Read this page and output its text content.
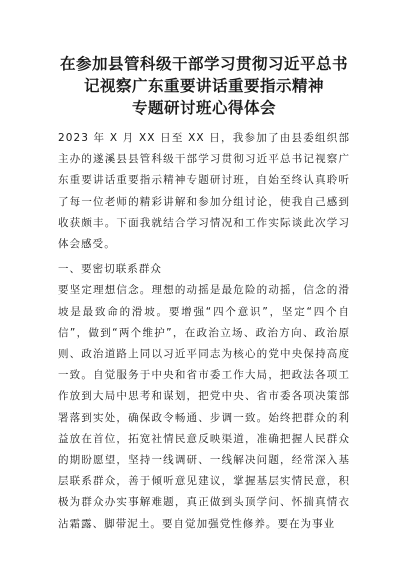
在参加县管科级干部学习贯彻习近平总书
记视察广东重要讲话重要指示精神
专题研讨班心得体会

2023 年 X 月 XX 日至 XX 日，我参加了由县委组织部主办的遂溪县县管科级干部学习贯彻习近平总书记视察广东重要讲话重要指示精神专题研讨班，自始至终认真聆听了每一位老师的精彩讲解和参加分组讨论，使我自己感到收获颇丰。下面我就结合学习情况和工作实际谈此次学习体会感受。

一、要密切联系群众

要坚定理想信念。理想的动摇是最危险的动摇，信念的滑坡是最致命的滑坡。要增强“四个意识”，坚定“四个自信”，做到“两个维护”，在政治立场、政治方向、政治原则、政治道路上同以习近平同志为核心的党中央保持高度一致。自觉服务于中央和省市委工作大局，把政法各项工作放到大局中思考和谋划，把党中央、省市委各项决策部署落到实处，确保政令畅通、步调一致。始终把群众的利益放在首位，拓宽社情民意反映渠道，准确把握人民群众的期盼愿望，坚持一线调研、一线解决问题，经常深入基层联系群众，善于倾听意见建议，掌握基层实情民意，积极为群众办实事解难题，真正做到头顶学问、怀揣真情衣沾霜露、脚带泥土。要自觉加强党性修养。要在为事业
